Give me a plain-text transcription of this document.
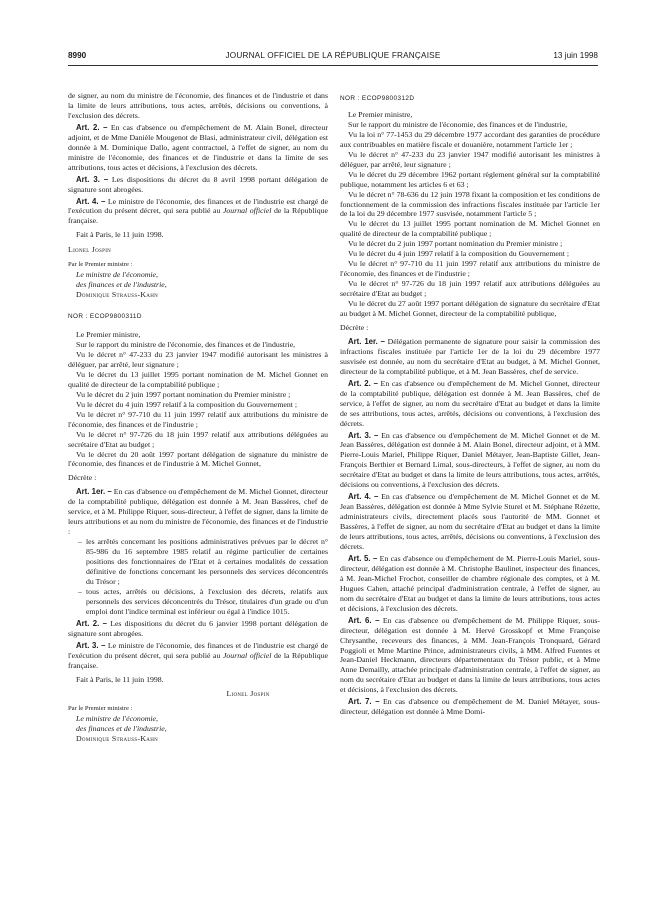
8990	JOURNAL OFFICIEL DE LA RÉPUBLIQUE FRANÇAISE	13 juin 1998

de signer, au nom du ministre de l'économie, des finances et de l'industrie et dans la limite de leurs attributions, tous actes, arrêtés, décisions ou conventions, à l'exclusion des décrets.

Art. 2. – En cas d'absence ou d'empêchement de M. Alain Bonel, directeur adjoint, et de Mme Danièle Mougenot de Blasi, administrateur civil, délégation est donnée à M. Dominique Dallo, agent contractuel, à l'effet de signer, au nom du ministre de l'économie, des finances et de l'industrie et dans la limite de ses attributions, tous actes et décisions, à l'exclusion des décrets.

Art. 3. – Les dispositions du décret du 8 avril 1998 portant délégation de signature sont abrogées.

Art. 4. – Le ministre de l'économie, des finances et de l'industrie est chargé de l'exécution du présent décret, qui sera publié au Journal officiel de la République française.

Fait à Paris, le 11 juin 1998.

Lionel Jospin

Par le Premier ministre :

Le ministre de l'économie,

des finances et de l'industrie,

Dominique Strauss-Kahn

NOR : ECOP9800311D

Le Premier ministre,

Sur le rapport du ministre de l'économie, des finances et de l'industrie,

Vu le décret n° 47-233 du 23 janvier 1947 modifié autorisant les ministres à déléguer, par arrêté, leur signature ;

Vu le décret du 13 juillet 1995 portant nomination de M. Michel Gonnet en qualité de directeur de la comptabilité publique ;

Vu le décret du 2 juin 1997 portant nomination du Premier ministre ;

Vu le décret du 4 juin 1997 relatif à la composition du Gouvernement ;

Vu le décret n° 97-710 du 11 juin 1997 relatif aux attributions du ministre de l'économie, des finances et de l'industrie ;

Vu le décret n° 97-726 du 18 juin 1997 relatif aux attributions déléguées au secrétaire d'Etat au budget ;

Vu le décret du 20 août 1997 portant délégation de signature du ministre de l'économie, des finances et de l'industrie à M. Michel Gonnet,

Décrète :

Art. 1er. – En cas d'absence ou d'empêchement de M. Michel Gonnet, directeur de la comptabilité publique, délégation est donnée à M. Jean Bassères, chef de service, et à M. Philippe Riquer, sous-directeur, à l'effet de signer, dans la limite de leurs attributions et au nom du ministre de l'économie, des finances et de l'industrie :

– les arrêtés concernant les positions administratives prévues par le décret n° 85-986 du 16 septembre 1985 relatif au régime particulier de certaines positions des fonctionnaires de l'Etat et à certaines modalités de cessation définitive de fonctions concernant les personnels des services déconcentrés du Trésor ;
– tous actes, arrêtés ou décisions, à l'exclusion des décrets, relatifs aux personnels des services déconcentrés du Trésor, titulaires d'un grade ou d'un emploi dont l'indice terminal est inférieur ou égal à l'indice 1015.

Art. 2. – Les dispositions du décret du 6 janvier 1998 portant délégation de signature sont abrogées.

Art. 3. – Le ministre de l'économie, des finances et de l'industrie est chargé de l'exécution du présent décret, qui sera publié au Journal officiel de la République française.

Fait à Paris, le 11 juin 1998.

Lionel Jospin

Par le Premier ministre :

Le ministre de l'économie,

des finances et de l'industrie,

Dominique Strauss-Kahn

NOR : ECOP9800312D

Le Premier ministre,

Sur le rapport du ministre de l'économie, des finances et de l'industrie,

Vu la loi n° 77-1453 du 29 décembre 1977 accordant des garanties de procédure aux contribuables en matière fiscale et douanière, notamment l'article 1er ;

Vu le décret n° 47-233 du 23 janvier 1947 modifié autorisant les ministres à déléguer, par arrêté, leur signature ;

Vu le décret du 29 décembre 1962 portant règlement général sur la comptabilité publique, notamment les articles 6 et 63 ;

Vu le décret n° 78-636 du 12 juin 1978 fixant la composition et les conditions de fonctionnement de la commission des infractions fiscales instituée par l'article 1er de la loi du 29 décembre 1977 susvisée, notamment l'article 5 ;

Vu le décret du 13 juillet 1995 portant nomination de M. Michel Gonnet en qualité de directeur de la comptabilité publique ;

Vu le décret du 2 juin 1997 portant nomination du Premier ministre ;

Vu le décret du 4 juin 1997 relatif à la composition du Gouvernement ;

Vu le décret n° 97-710 du 11 juin 1997 relatif aux attributions du ministre de l'économie, des finances et de l'industrie ;

Vu le décret n° 97-726 du 18 juin 1997 relatif aux attributions déléguées au secrétaire d'Etat au budget ;

Vu le décret du 27 août 1997 portant délégation de signature du secrétaire d'Etat au budget à M. Michel Gonnet, directeur de la comptabilité publique,

Décrète :

Art. 1er. – Délégation permanente de signature pour saisir la commission des infractions fiscales instituée par l'article 1er de la loi du 29 décembre 1977 susvisée est donnée, au nom du secrétaire d'Etat au budget, à M. Michel Gonnet, directeur de la comptabilité publique, et à M. Jean Bassères, chef de service.

Art. 2. – En cas d'absence ou d'empêchement de M. Michel Gonnet, directeur de la comptabilité publique, délégation est donnée à M. Jean Bassères, chef de service, à l'effet de signer, au nom du secrétaire d'Etat au budget et dans la limite de ses attributions, tous actes, arrêtés, décisions ou conventions, à l'exclusion des décrets.

Art. 3. – En cas d'absence ou d'empêchement de M. Michel Gonnet et de M. Jean Bassères, délégation est donnée à M. Alain Bonel, directeur adjoint, et à MM. Pierre-Louis Mariel, Philippe Riquer, Daniel Métayer, Jean-Baptiste Gillet, Jean-François Berthier et Bernard Limal, sous-directeurs, à l'effet de signer, au nom du secrétaire d'Etat au budget et dans la limite de leurs attributions, tous actes, arrêtés, décisions ou conventions, à l'exclusion des décrets.

Art. 4. – En cas d'absence ou d'empêchement de M. Michel Gonnet et de M. Jean Bassères, délégation est donnée à Mme Sylvie Sturel et M. Stéphane Rézette, administrateurs civils, directement placés sous l'autorité de MM. Gonnet et Bassères, à l'effet de signer, au nom du secrétaire d'Etat au budget et dans la limite de leurs attributions, tous actes, arrêtés, décisions ou conventions, à l'exclusion des décrets.

Art. 5. – En cas d'absence ou d'empêchement de M. Pierre-Louis Mariel, sous-directeur, délégation est donnée à M. Christophe Baulinet, inspecteur des finances, à M. Jean-Michel Frochot, conseiller de chambre régionale des comptes, et à M. Hugues Cahen, attaché principal d'administration centrale, à l'effet de signer, au nom du secrétaire d'Etat au budget et dans la limite de leurs attributions, tous actes et décisions, à l'exclusion des décrets.

Art. 6. – En cas d'absence ou d'empêchement de M. Philippe Riquer, sous-directeur, délégation est donnée à M. Hervé Grosskopf et Mme Françoise Chrysanthe, receveurs des finances, à MM. Jean-François Tronquard, Gérard Poggioli et Mme Martine Prince, administrateurs civils, à MM. Alfred Fuentes et Jean-Daniel Heckmann, directeurs départementaux du Trésor public, et à Mme Anne Demailly, attachée principale d'administration centrale, à l'effet de signer, au nom du secrétaire d'Etat au budget et dans la limite de leurs attributions, tous actes et décisions, à l'exclusion des décrets.

Art. 7. – En cas d'absence ou d'empêchement de M. Daniel Métayer, sous-directeur, délégation est donnée à Mme Domi-
